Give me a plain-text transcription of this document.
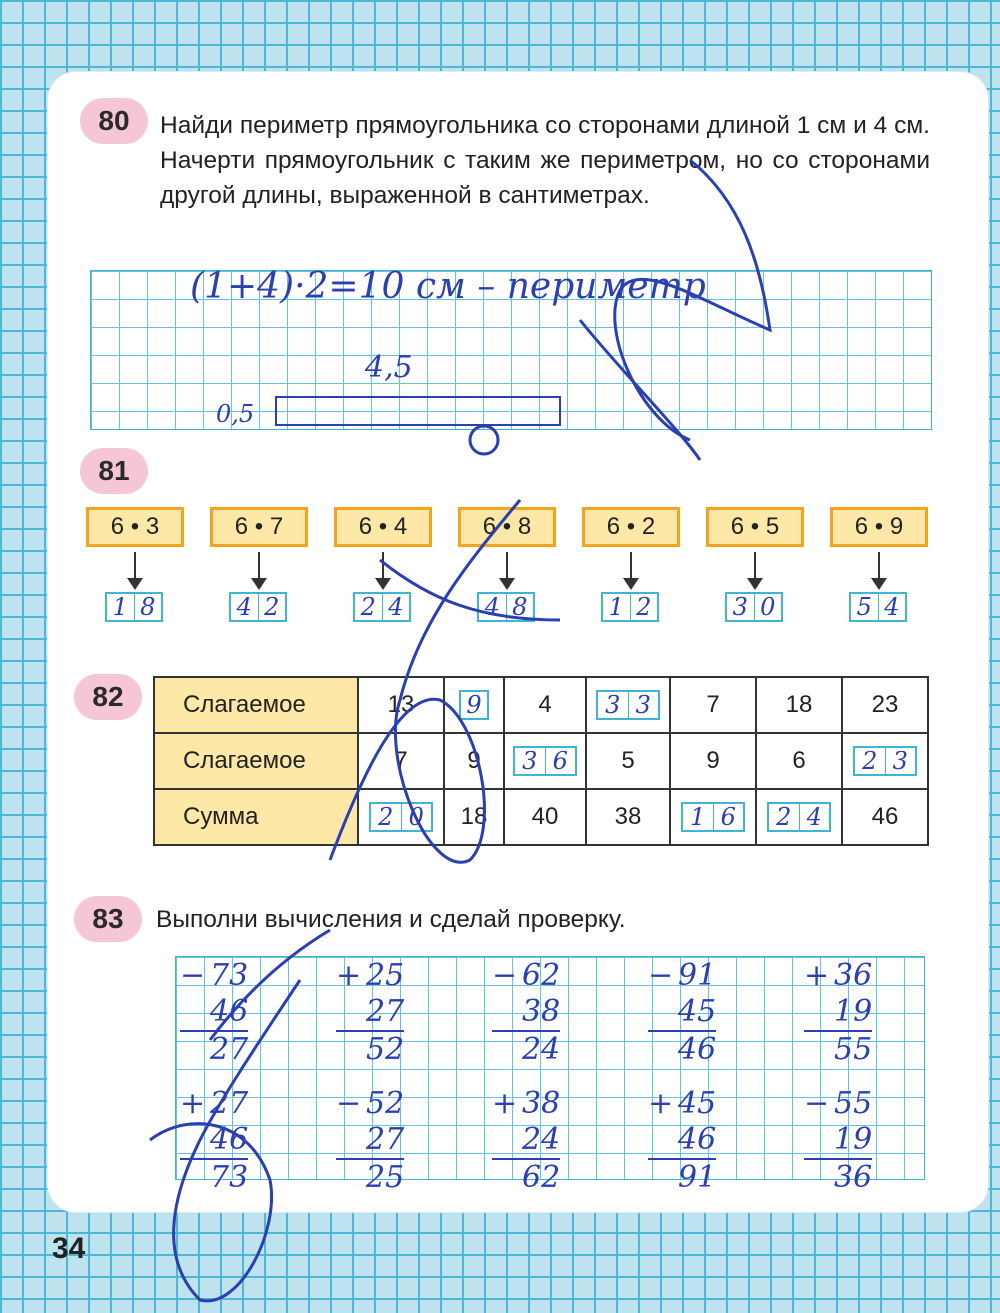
80	Найди периметр прямоугольника со сторонами длиной 1 см и 4 см. Начерти прямоугольник с таким же периметром, но со сторонами другой длины, выраженной в сантиметрах.
(1+4)·2=10 см – периметр
4,5
0,5
81
6 • 3
1 8
6 • 7
4 2
6 • 4
2 4
6 • 8
4 8
6 • 2
1 2
6 • 5
3 0
6 • 9
5 4
82	Слагаемое	13	9	4	3 3	7	18	23
Слагаемое	7	9	3 6	5	9	6	2 3

Сумма	2 0	18	40	38	1 6	2 4	46
83	Выполни вычисления и сделай проверку.
− 73
46
27
+ 27
46
73
+ 25
27
52
− 52
27
25
− 62
38
24
+ 38
24
62
− 91
45
46
+ 45
46
91
+ 36
19
55
− 55
19
36
34
